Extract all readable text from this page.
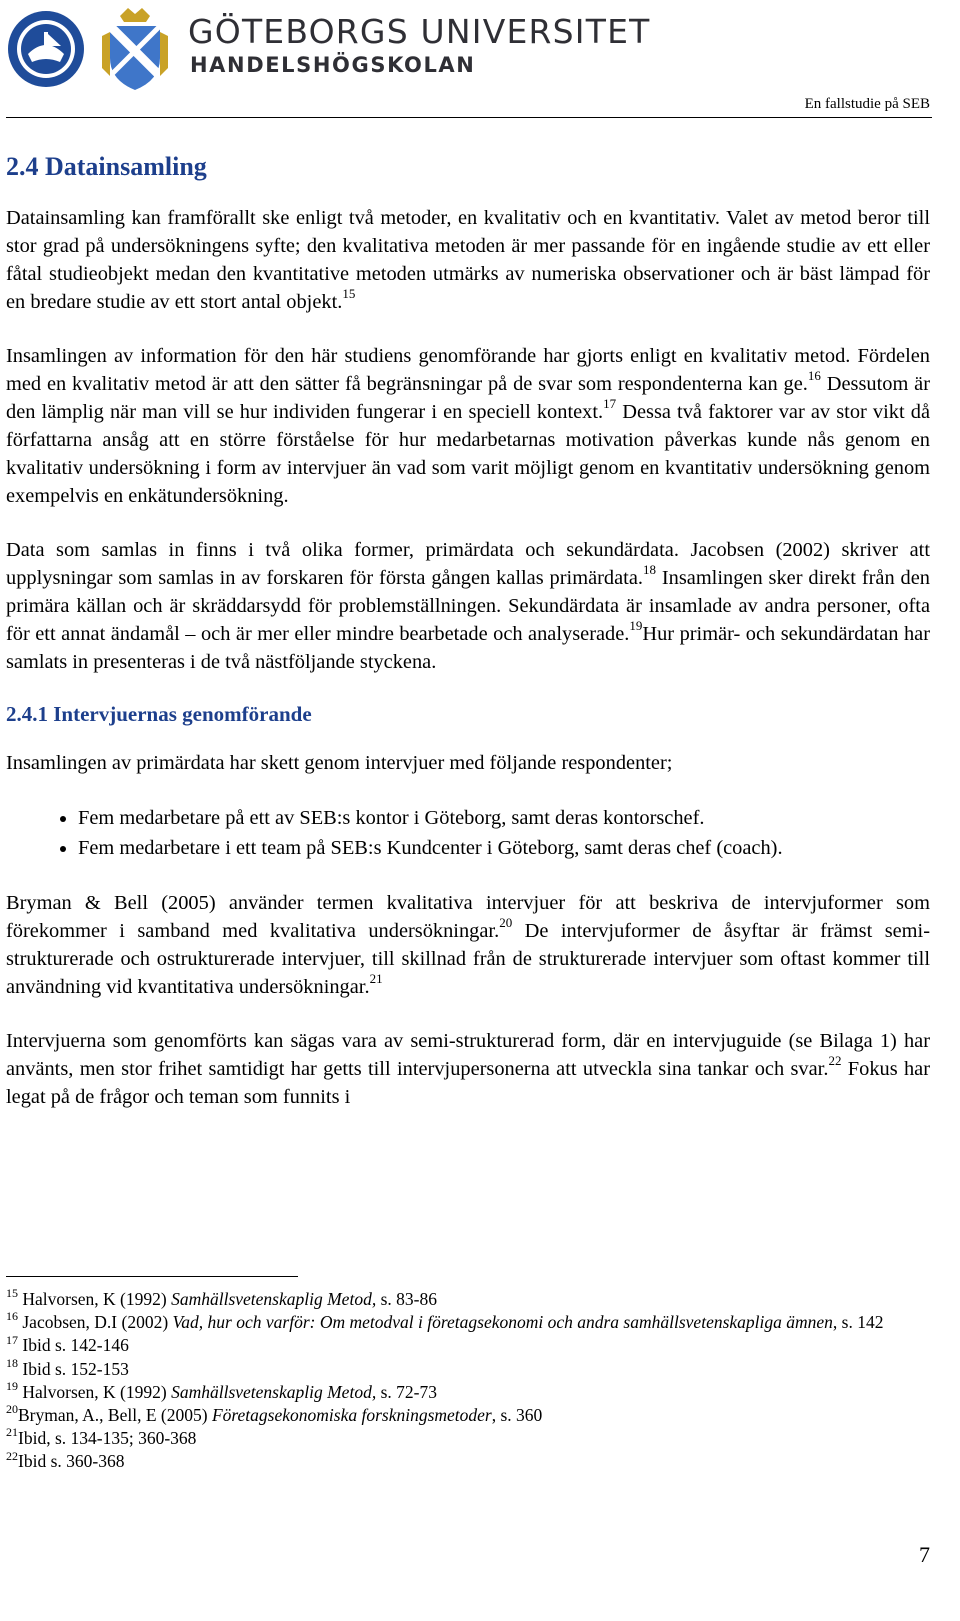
GÖTEBORGS UNIVERSITET
HANDELSHÖGSKOLAN
En fallstudie på SEB
2.4 Datainsamling

Datainsamling kan framförallt ske enligt två metoder, en kvalitativ och en kvantitativ. Valet av metod beror till stor grad på undersökningens syfte; den kvalitativa metoden är mer passande för en ingående studie av ett eller fåtal studieobjekt medan den kvantitative metoden utmärks av numeriska observationer och är bäst lämpad för en bredare studie av ett stort antal objekt.$^{15}$

Insamlingen av information för den här studiens genomförande har gjorts enligt en kvalitativ metod. Fördelen med en kvalitativ metod är att den sätter få begränsningar på de svar som respondenterna kan ge.$^{16}$ Dessutom är den lämplig när man vill se hur individen fungerar i en speciell kontext.$^{17}$ Dessa två faktorer var av stor vikt då författarna ansåg att en större förståelse för hur medarbetarnas motivation påverkas kunde nås genom en kvalitativ undersökning i form av intervjuer än vad som varit möjligt genom en kvantitativ undersökning genom exempelvis en enkätundersökning.

Data som samlas in finns i två olika former, primärdata och sekundärdata. Jacobsen (2002) skriver att upplysningar som samlas in av forskaren för första gången kallas primärdata.$^{18}$ Insamlingen sker direkt från den primära källan och är skräddarsydd för problemställningen. Sekundärdata är insamlade av andra personer, ofta för ett annat ändamål – och är mer eller mindre bearbetade och analyserade.$^{19}$Hur primär- och sekundärdatan har samlats in presenteras i de två nästföljande styckena.

2.4.1 Intervjuernas genomförande

Insamlingen av primärdata har skett genom intervjuer med följande respondenter;

• Fem medarbetare på ett av SEB:s kontor i Göteborg, samt deras kontorschef.
• Fem medarbetare i ett team på SEB:s Kundcenter i Göteborg, samt deras chef (coach).

Bryman & Bell (2005) använder termen kvalitativa intervjuer för att beskriva de intervjuformer som förekommer i samband med kvalitativa undersökningar.$^{20}$ De intervjuformer de åsyftar är främst semi-strukturerade och ostrukturerade intervjuer, till skillnad från de strukturerade intervjuer som oftast kommer till användning vid kvantitativa undersökningar.$^{21}$

Intervjuerna som genomförts kan sägas vara av semi-strukturerad form, där en intervjuguide (se Bilaga 1) har använts, men stor frihet samtidigt har getts till intervjupersonerna att utveckla sina tankar och svar.$^{22}$ Fokus har legat på de frågor och teman som funnits i

$^{15}$ Halvorsen, K (1992) Samhällsvetenskaplig Metod, s. 83-86

$^{16}$ Jacobsen, D.I (2002) Vad, hur och varför: Om metodval i företagsekonomi och andra samhällsvetenskapliga ämnen, s. 142

$^{17}$ Ibid s. 142-146

$^{18}$ Ibid s. 152-153

$^{19}$ Halvorsen, K (1992) Samhällsvetenskaplig Metod, s. 72-73

$^{20}$Bryman, A., Bell, E (2005) Företagsekonomiska forskningsmetoder, s. 360

$^{21}$Ibid, s. 134-135; 360-368

$^{22}$Ibid s. 360-368

7
